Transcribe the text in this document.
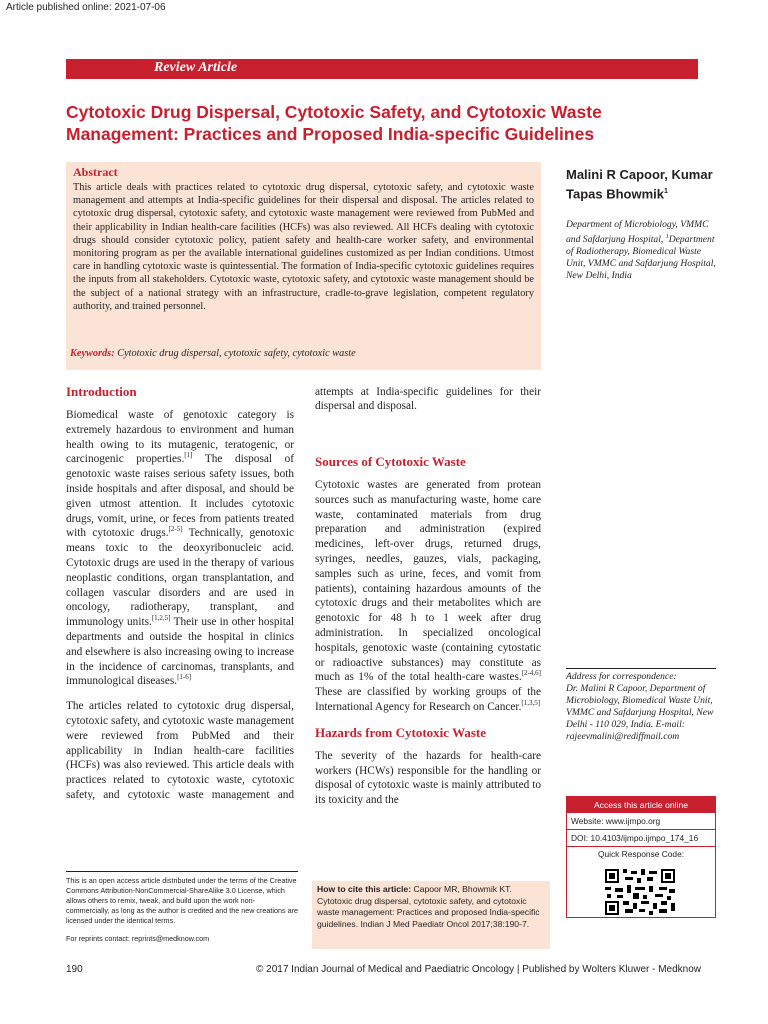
Article published online: 2021-07-06
Review Article
Cytotoxic Drug Dispersal, Cytotoxic Safety, and Cytotoxic Waste Management: Practices and Proposed India-specific Guidelines
Abstract
This article deals with practices related to cytotoxic drug dispersal, cytotoxic safety, and cytotoxic waste management and attempts at India-specific guidelines for their dispersal and disposal. The articles related to cytotoxic drug dispersal, cytotoxic safety, and cytotoxic waste management were reviewed from PubMed and their applicability in Indian health-care facilities (HCFs) was also reviewed. All HCFs dealing with cytotoxic drugs should consider cytotoxic policy, patient safety and health-care worker safety, and environmental monitoring program as per the available international guidelines customized as per Indian conditions. Utmost care in handling cytotoxic waste is quintessential. The formation of India-specific cytotoxic guidelines requires the inputs from all stakeholders. Cytotoxic waste, cytotoxic safety, and cytotoxic waste management should be the subject of a national strategy with an infrastructure, cradle-to-grave legislation, competent regulatory authority, and trained personnel.
Keywords: Cytotoxic drug dispersal, cytotoxic safety, cytotoxic waste
Malini R Capoor, Kumar Tapas Bhowmik$^1$
Department of Microbiology, VMMC and Safdarjung Hospital, $^1$Department of Radiotherapy, Biomedical Waste Unit, VMMC and Safdarjung Hospital, New Delhi, India
Introduction

Biomedical waste of genotoxic category is extremely hazardous to environment and human health owing to its mutagenic, teratogenic, or carcinogenic properties.[1] The disposal of genotoxic waste raises serious safety issues, both inside hospitals and after disposal, and should be given utmost attention. It includes cytotoxic drugs, vomit, urine, or feces from patients treated with cytotoxic drugs.[2-5] Technically, genotoxic means toxic to the deoxyribonucleic acid. Cytotoxic drugs are used in the therapy of various neoplastic conditions, organ transplantation, and collagen vascular disorders and are used in oncology, radiotherapy, transplant, and immunology units.[1,2,5] Their use in other hospital departments and outside the hospital in clinics and elsewhere is also increasing owing to increase in the incidence of carcinomas, transplants, and immunological diseases.[1-6]

The articles related to cytotoxic drug dispersal, cytotoxic safety, and cytotoxic waste management were reviewed from PubMed and their applicability in Indian health-care facilities (HCFs) was also reviewed. This article deals with practices related to cytotoxic waste, cytotoxic safety, and cytotoxic waste management and

attempts at India-specific guidelines for their dispersal and disposal.

Sources of Cytotoxic Waste

Cytotoxic wastes are generated from protean sources such as manufacturing waste, home care waste, contaminated materials from drug preparation and administration (expired medicines, left-over drugs, returned drugs, syringes, needles, gauzes, vials, packaging, samples such as urine, feces, and vomit from patients), containing hazardous amounts of the cytotoxic drugs and their metabolites which are genotoxic for 48 h to 1 week after drug administration. In specialized oncological hospitals, genotoxic waste (containing cytostatic or radioactive substances) may constitute as much as 1% of the total health-care wastes.[2-4,6] These are classified by working groups of the International Agency for Research on Cancer.[1,3,5]

Hazards from Cytotoxic Waste

The severity of the hazards for health-care workers (HCWs) responsible for the handling or disposal of cytotoxic waste is mainly attributed to its toxicity and the

Address for correspondence:
Dr. Malini R Capoor, Department of Microbiology, Biomedical Waste Unit, VMMC and Safdarjung Hospital, New Delhi - 110 029, India. E-mail: rajeevmalini@rediffmail.com
Access this article online
Website: www.ijmpo.org
DOI: 10.4103/ijmpo.ijmpo_174_16
Quick Response Code:
This is an open access article distributed under the terms of the Creative Commons Attribution-NonCommercial-ShareAlike 3.0 License, which allows others to remix, tweak, and build upon the work non-commercially, as long as the author is credited and the new creations are licensed under the identical terms.
For reprints contact: reprints@medknow.com
How to cite this article: Capoor MR, Bhowmik KT. Cytotoxic drug dispersal, cytotoxic safety, and cytotoxic waste management: Practices and proposed India-specific guidelines. Indian J Med Paediatr Oncol 2017;38:190-7.
190	© 2017 Indian Journal of Medical and Paediatric Oncology | Published by Wolters Kluwer - Medknow
